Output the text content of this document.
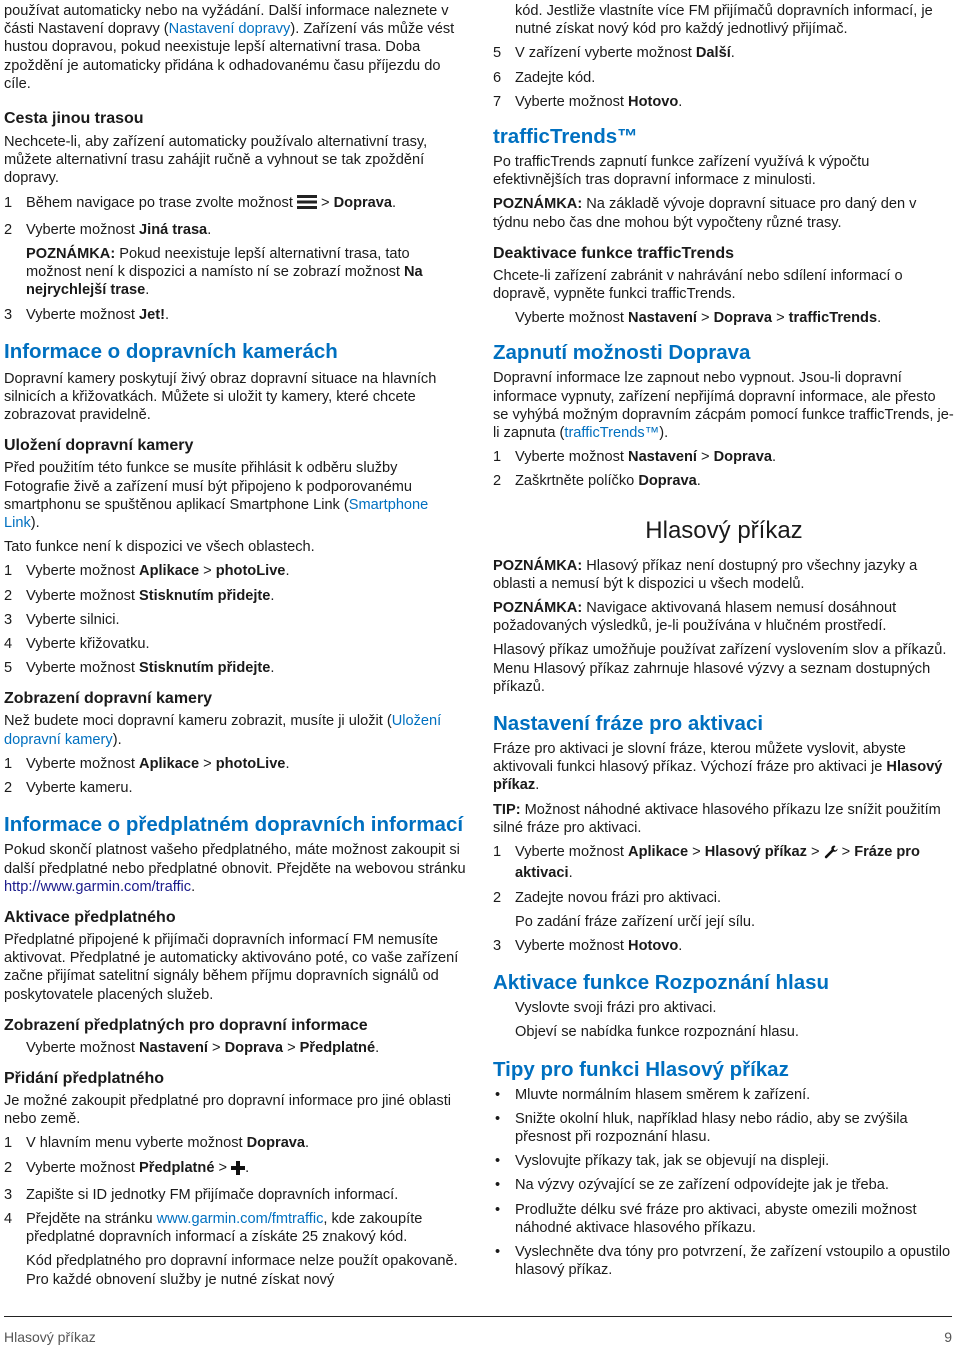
používat automaticky nebo na vyžádání. Další informace naleznete v části Nastavení dopravy (Nastavení dopravy). Zařízení vás může vést hustou dopravou, pokud neexistuje lepší alternativní trasa. Doba zpoždění je automaticky přidána k odhadovanému času příjezdu do cíle.

Cesta jinou trasou

Nechcete-li, aby zařízení automaticky používalo alternativní trasy, můžete alternativní trasu zahájit ručně a vyhnout se tak zpoždění dopravy.

1 Během navigace po trase zvolte možnost > Doprava.
2 Vyberte možnost Jiná trasa.

POZNÁMKA: Pokud neexistuje lepší alternativní trasa, tato možnost není k dispozici a namísto ní se zobrazí možnost Na nejrychlejší trase.

3 Vyberte možnost Jet!.

Informace o dopravních kamerách

Dopravní kamery poskytují živý obraz dopravní situace na hlavních silnicích a křižovatkách. Můžete si uložit ty kamery, které chcete zobrazovat pravidelně.

Uložení dopravní kamery

Před použitím této funkce se musíte přihlásit k odběru služby Fotografie živě a zařízení musí být připojeno k podporovanému smartphonu se spuštěnou aplikací Smartphone Link (Smartphone Link).

Tato funkce není k dispozici ve všech oblastech.

1 Vyberte možnost Aplikace > photoLive.
2 Vyberte možnost Stisknutím přidejte.
3 Vyberte silnici.
4 Vyberte křižovatku.
5 Vyberte možnost Stisknutím přidejte.

Zobrazení dopravní kamery

Než budete moci dopravní kameru zobrazit, musíte ji uložit (Uložení dopravní kamery).

1 Vyberte možnost Aplikace > photoLive.
2 Vyberte kameru.

Informace o předplatném dopravních informací

Pokud skončí platnost vašeho předplatného, máte možnost zakoupit si další předplatné nebo předplatné obnovit. Přejděte na webovou stránku http://www.garmin.com/traffic.

Aktivace předplatného

Předplatné připojené k přijímači dopravních informací FM nemusíte aktivovat. Předplatné je automaticky aktivováno poté, co vaše zařízení začne přijímat satelitní signály během příjmu dopravních signálů od poskytovatele placených služeb.

Zobrazení předplatných pro dopravní informace

Vyberte možnost Nastavení > Doprava > Předplatné.

Přidání předplatného

Je možné zakoupit předplatné pro dopravní informace pro jiné oblasti nebo země.

1 V hlavním menu vyberte možnost Doprava.
2 Vyberte možnost Předplatné > .
3 Zapište si ID jednotky FM přijímače dopravních informací.
4 Přejděte na stránku www.garmin.com/fmtraffic, kde zakoupíte předplatné dopravních informací a získáte 25 znakový kód.

Kód předplatného pro dopravní informace nelze použít opakovaně. Pro každé obnovení služby je nutné získat nový

kód. Jestliže vlastníte více FM přijímačů dopravních informací, je nutné získat nový kód pro každý jednotlivý přijímač.

5 V zařízení vyberte možnost Další.
6 Zadejte kód.
7 Vyberte možnost Hotovo.

trafficTrends™

Po trafficTrends zapnutí funkce zařízení využívá k výpočtu efektivnějších tras dopravní informace z minulosti.

POZNÁMKA: Na základě vývoje dopravní situace pro daný den v týdnu nebo čas dne mohou být vypočteny různé trasy.

Deaktivace funkce trafficTrends

Chcete-li zařízení zabránit v nahrávání nebo sdílení informací o dopravě, vypněte funkci trafficTrends.

Vyberte možnost Nastavení > Doprava > trafficTrends.

Zapnutí možnosti Doprava

Dopravní informace lze zapnout nebo vypnout. Jsou-li dopravní informace vypnuty, zařízení nepřijímá dopravní informace, ale přesto se vyhýbá možným dopravním zácpám pomocí funkce trafficTrends, je-li zapnuta (trafficTrends™).

1 Vyberte možnost Nastavení > Doprava.
2 Zaškrtněte políčko Doprava.

Hlasový příkaz

POZNÁMKA: Hlasový příkaz není dostupný pro všechny jazyky a oblasti a nemusí být k dispozici u všech modelů.

POZNÁMKA: Navigace aktivovaná hlasem nemusí dosáhnout požadovaných výsledků, je-li používána v hlučném prostředí.

Hlasový příkaz umožňuje používat zařízení vyslovením slov a příkazů. Menu Hlasový příkaz zahrnuje hlasové výzvy a seznam dostupných příkazů.

Nastavení fráze pro aktivaci

Fráze pro aktivaci je slovní fráze, kterou můžete vyslovit, abyste aktivovali funkci hlasový příkaz. Výchozí fráze pro aktivaci je Hlasový příkaz.

TIP: Možnost náhodné aktivace hlasového příkazu lze snížit použitím silné fráze pro aktivaci.

1 Vyberte možnost Aplikace > Hlasový příkaz >  > Fráze pro aktivaci.
2 Zadejte novou frázi pro aktivaci.

Po zadání fráze zařízení určí její sílu.

3 Vyberte možnost Hotovo.

Aktivace funkce Rozpoznání hlasu

Vyslovte svoji frázi pro aktivaci.

Objeví se nabídka funkce rozpoznání hlasu.

Tipy pro funkci Hlasový příkaz

• Mluvte normálním hlasem směrem k zařízení.
• Snižte okolní hluk, například hlasy nebo rádio, aby se zvýšila přesnost při rozpoznání hlasu.
• Vyslovujte příkazy tak, jak se objevují na displeji.
• Na výzvy ozývající se ze zařízení odpovídejte jak je třeba.
• Prodlužte délku své fráze pro aktivaci, abyste omezili možnost náhodné aktivace hlasového příkazu.
• Vyslechněte dva tóny pro potvrzení, že zařízení vstoupilo a opustilo hlasový příkaz.
Hlasový příkaz	9
